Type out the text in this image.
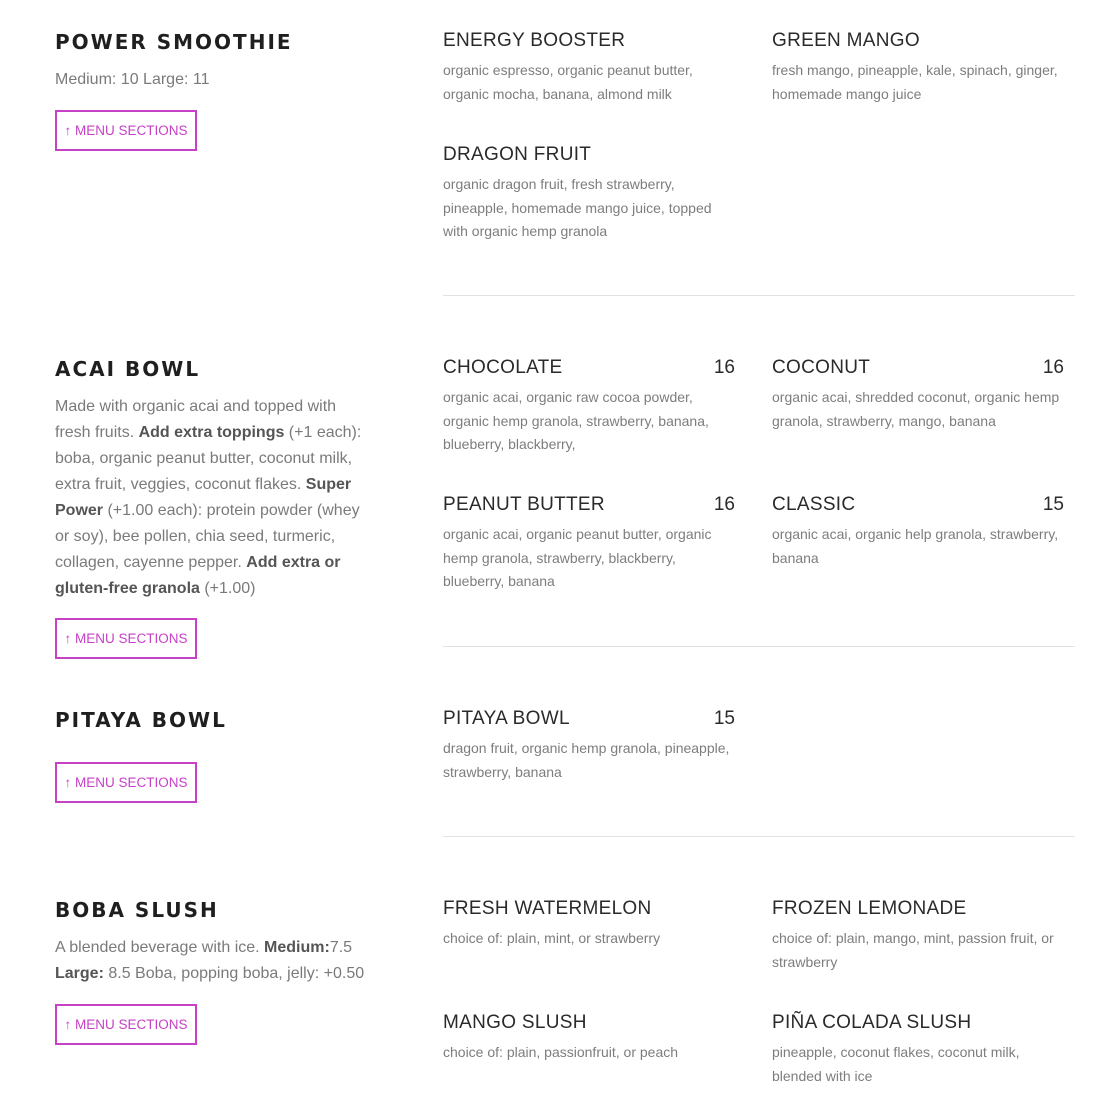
POWER SMOOTHIE

Medium: 10 Large: 11

↑ MENU SECTIONS
ENERGY BOOSTER
organic espresso, organic peanut butter, organic mocha, banana, almond milk
GREEN MANGO
fresh mango, pineapple, kale, spinach, ginger, homemade mango juice
DRAGON FRUIT
organic dragon fruit, fresh strawberry, pineapple, homemade mango juice, topped with organic hemp granola
ACAI BOWL

Made with organic acai and topped with fresh fruits. Add extra toppings (+1 each): boba, organic peanut butter, coconut milk, extra fruit, veggies, coconut flakes. Super Power (+1.00 each): protein powder (whey or soy), bee pollen, chia seed, turmeric, collagen, cayenne pepper. Add extra or gluten-free granola (+1.00)

↑ MENU SECTIONS
CHOCOLATE	16
organic acai, organic raw cocoa powder, organic hemp granola, strawberry, banana, blueberry, blackberry,
COCONUT	16
organic acai, shredded coconut, organic hemp granola, strawberry, mango, banana
PEANUT BUTTER	16
organic acai, organic peanut butter, organic hemp granola, strawberry, blackberry, blueberry, banana
CLASSIC	15
organic acai, organic help granola, strawberry, banana
PITAYA BOWL
↑ MENU SECTIONS
PITAYA BOWL	15
dragon fruit, organic hemp granola, pineapple, strawberry, banana
BOBA SLUSH

A blended beverage with ice. Medium:7.5 Large: 8.5 Boba, popping boba, jelly: +0.50

↑ MENU SECTIONS
FRESH WATERMELON
choice of: plain, mint, or strawberry
FROZEN LEMONADE
choice of: plain, mango, mint, passion fruit, or strawberry
MANGO SLUSH
choice of: plain, passionfruit, or peach
PIÑA COLADA SLUSH
pineapple, coconut flakes, coconut milk, blended with ice
